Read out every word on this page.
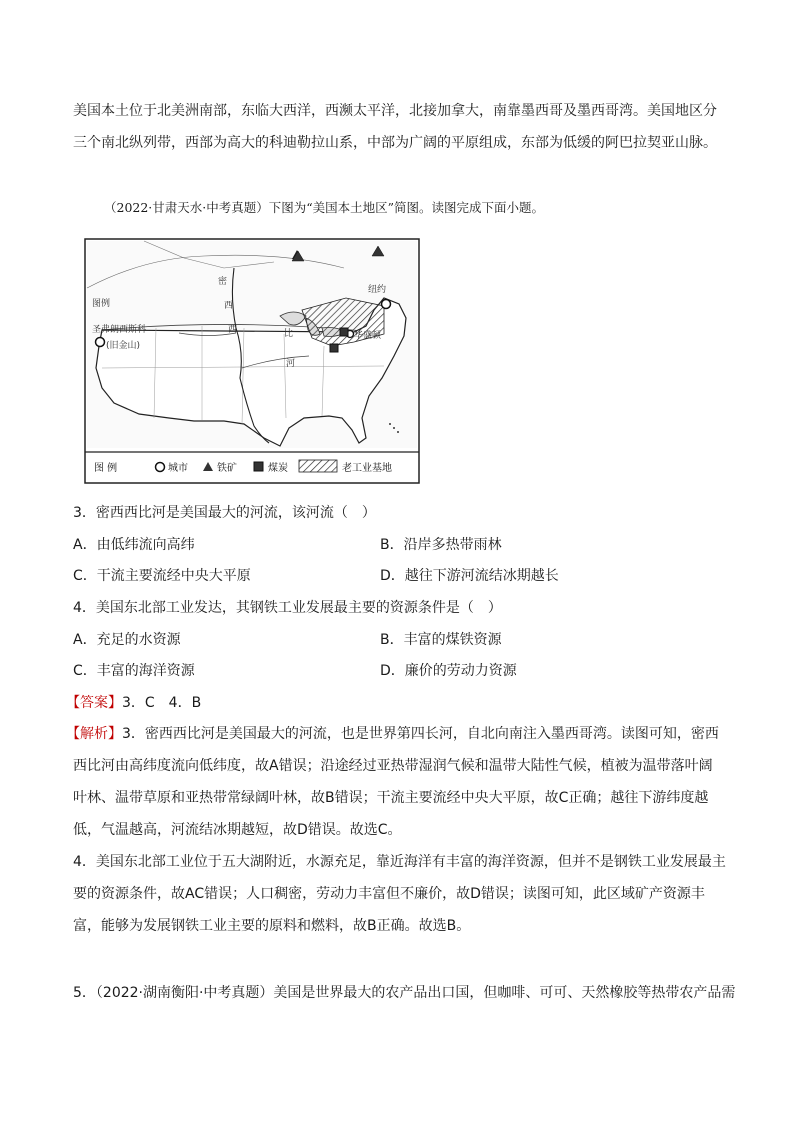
美国本土位于北美洲南部，东临大西洋，西濒太平洋，北接加拿大，南靠墨西哥及墨西哥湾。美国地区分
三个南北纵列带，西部为高大的科迪勒拉山系，中部为广阔的平原组成，东部为低缓的阿巴拉契亚山脉。
（2022·甘肃天水·中考真题）下图为“美国本土地区”简图。读图完成下面小题。
密
西
西	比
河
图例
圣弗朗西斯科
(旧金山)
纽约
华盛顿
图 例	城市	铁矿	煤炭	老工业基地
3．密西西比河是美国最大的河流，该河流（　）
A．由低纬流向高纬	B．沿岸多热带雨林
C．干流主要流经中央大平原	D．越往下游河流结冰期越长
4．美国东北部工业发达，其钢铁工业发展最主要的资源条件是（　）
A．充足的水资源	B．丰富的煤铁资源
C．丰富的海洋资源	D．廉价的劳动力资源
【答案】3．C　4．B
【解析】3．密西西比河是美国最大的河流，也是世界第四长河，自北向南注入墨西哥湾。读图可知，密西
西比河由高纬度流向低纬度，故A错误；沿途经过亚热带湿润气候和温带大陆性气候，植被为温带落叶阔
叶林、温带草原和亚热带常绿阔叶林，故B错误；干流主要流经中央大平原，故C正确；越往下游纬度越
低，气温越高，河流结冰期越短，故D错误。故选C。
4．美国东北部工业位于五大湖附近，水源充足，靠近海洋有丰富的海洋资源，但并不是钢铁工业发展最主
要的资源条件，故AC错误；人口稠密，劳动力丰富但不廉价，故D错误；读图可知，此区域矿产资源丰
富，能够为发展钢铁工业主要的原料和燃料，故B正确。故选B。
5．（2022·湖南衡阳·中考真题）美国是世界最大的农产品出口国，但咖啡、可可、天然橡胶等热带农产品需
